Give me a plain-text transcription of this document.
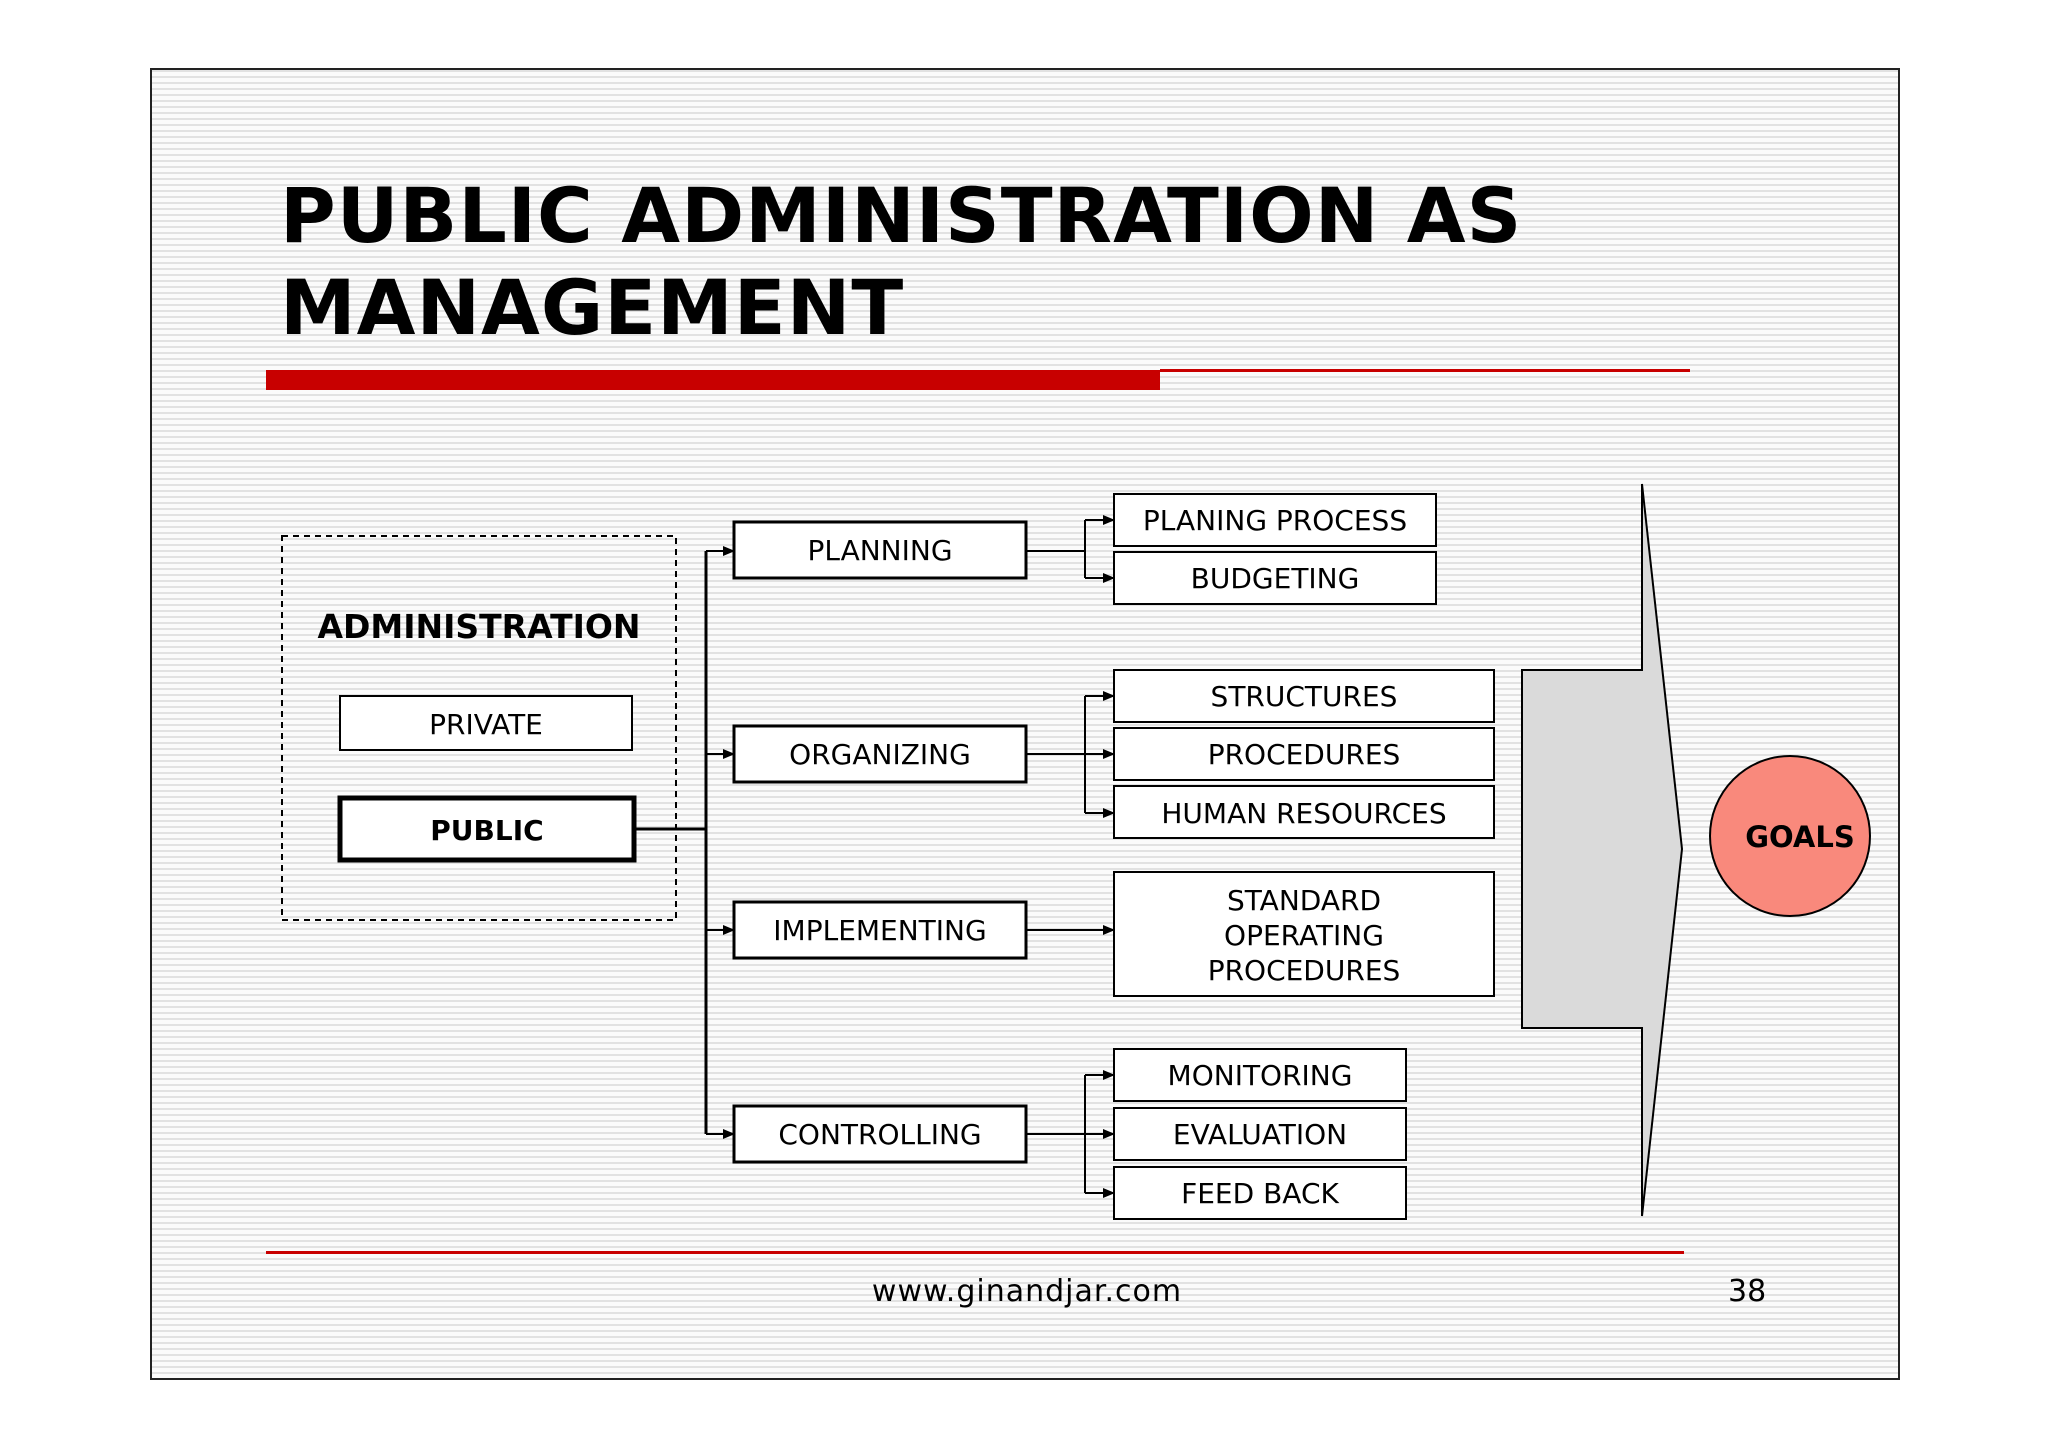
PUBLIC ADMINISTRATION AS
MANAGEMENT
ADMINISTRATION
PRIVATE
PUBLIC
PLANNING
ORGANIZING
IMPLEMENTING
CONTROLLING
PLANING PROCESS
BUDGETING
STRUCTURES
PROCEDURES
HUMAN RESOURCES
STANDARD
OPERATING
PROCEDURES
MONITORING
EVALUATION
FEED BACK
GOALS
www.ginandjar.com	38
